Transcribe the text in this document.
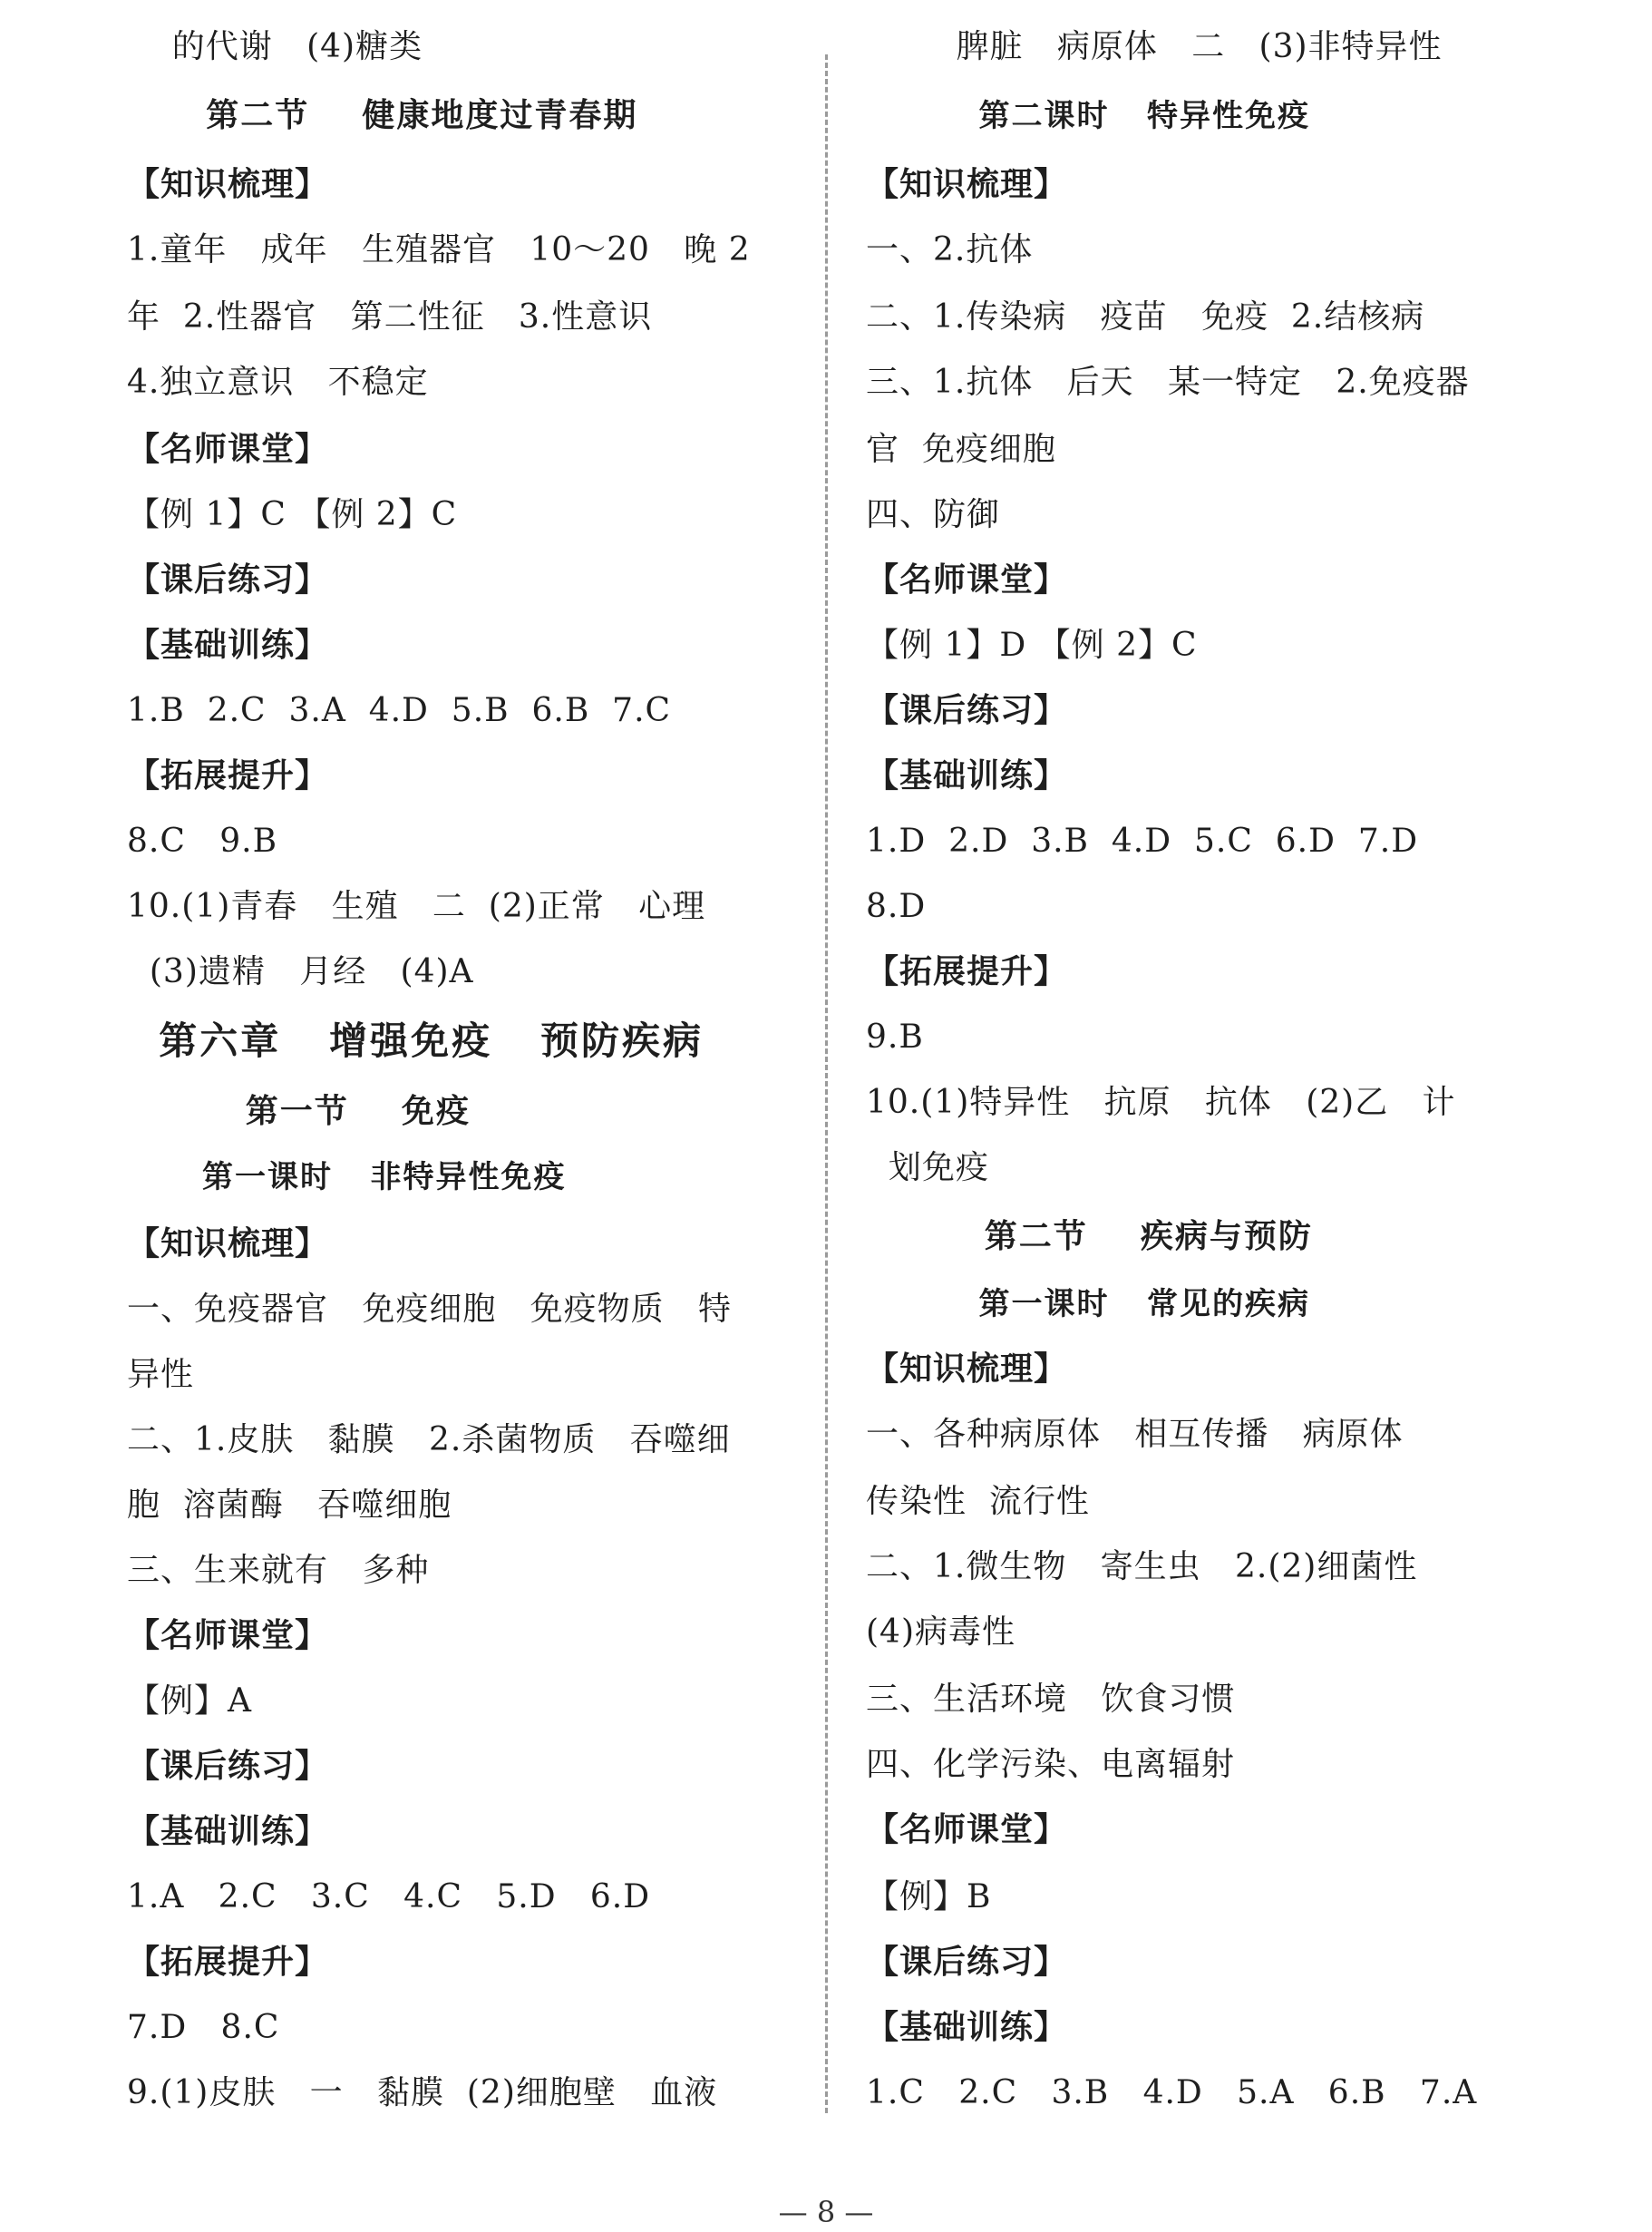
的代谢   (4)糖类
第二节    健康地度过青春期
【知识梳理】
1.童年   成年   生殖器官   10～20   晚 2
年  2.性器官   第二性征   3.性意识
4.独立意识   不稳定
【名师课堂】
【例 1】C 【例 2】C
【课后练习】
【基础训练】
1.B  2.C  3.A  4.D  5.B  6.B  7.C
【拓展提升】
8.C   9.B
10.(1)青春   生殖   二  (2)正常   心理
(3)遗精   月经   (4)A
第六章   增强免疫   预防疾病
第一节    免疫
第一课时   非特异性免疫
【知识梳理】
一、免疫器官   免疫细胞   免疫物质   特
异性
二、1.皮肤   黏膜   2.杀菌物质   吞噬细
胞  溶菌酶   吞噬细胞
三、生来就有   多种
【名师课堂】
【例】A
【课后练习】
【基础训练】
1.A   2.C   3.C   4.C   5.D   6.D
【拓展提升】
7.D   8.C
9.(1)皮肤   一   黏膜  (2)细胞壁   血液
脾脏   病原体   二   (3)非特异性
第二课时   特异性免疫
【知识梳理】
一、2.抗体
二、1.传染病   疫苗   免疫  2.结核病
三、1.抗体   后天   某一特定   2.免疫器
官  免疫细胞
四、防御
【名师课堂】
【例 1】D 【例 2】C
【课后练习】
【基础训练】
1.D  2.D  3.B  4.D  5.C  6.D  7.D
8.D
【拓展提升】
9.B
10.(1)特异性   抗原   抗体   (2)乙   计
划免疫
第二节    疾病与预防
第一课时   常见的疾病
【知识梳理】
一、各种病原体   相互传播   病原体
传染性  流行性
二、1.微生物   寄生虫   2.(2)细菌性
(4)病毒性
三、生活环境   饮食习惯
四、化学污染、电离辐射
【名师课堂】
【例】B
【课后练习】
【基础训练】
1.C   2.C   3.B   4.D   5.A   6.B   7.A
— 8 —
